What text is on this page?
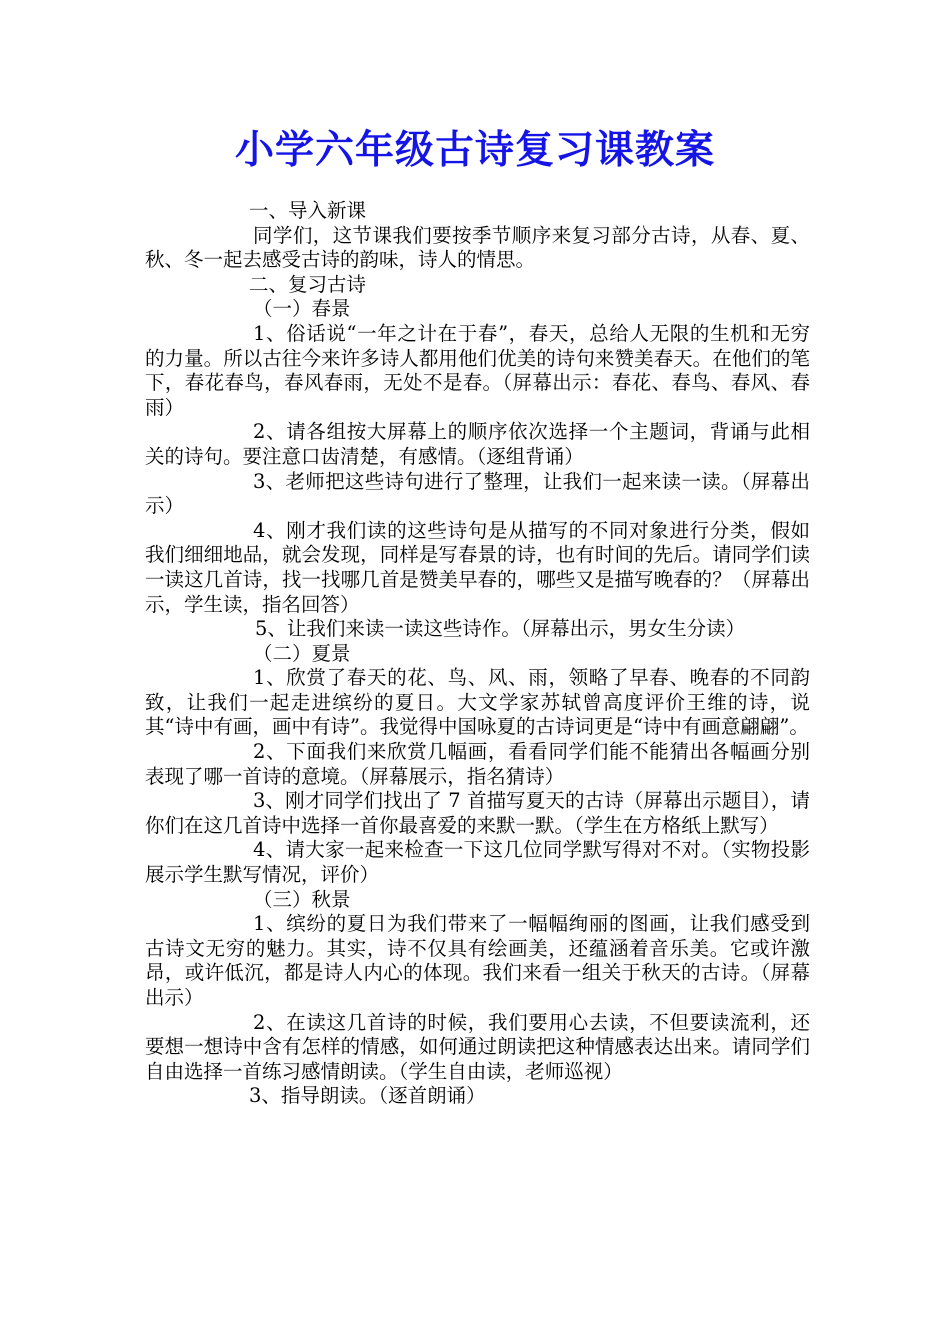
小学六年级古诗复习课教案

一、导入新课

同学们，这节课我们要按季节顺序来复习部分古诗，从春、夏、秋、冬一起去感受古诗的韵味，诗人的情思。

二、复习古诗

（一）春景

1、俗话说“一年之计在于春”，春天，总给人无限的生机和无穷的力量。所以古往今来许多诗人都用他们优美的诗句来赞美春天。在他们的笔下，春花春鸟，春风春雨，无处不是春。（屏幕出示：春花、春鸟、春风、春雨）

2、请各组按大屏幕上的顺序依次选择一个主题词，背诵与此相关的诗句。要注意口齿清楚，有感情。（逐组背诵）

3、老师把这些诗句进行了整理，让我们一起来读一读。（屏幕出示）

4、刚才我们读的这些诗句是从描写的不同对象进行分类，假如我们细细地品，就会发现，同样是写春景的诗，也有时间的先后。请同学们读一读这几首诗，找一找哪几首是赞美早春的，哪些又是描写晚春的？（屏幕出示，学生读，指名回答）

5、让我们来读一读这些诗作。（屏幕出示，男女生分读）

（二）夏景

1、欣赏了春天的花、鸟、风、雨，领略了早春、晚春的不同韵致，让我们一起走进缤纷的夏日。大文学家苏轼曾高度评价王维的诗，说其“诗中有画，画中有诗”。我觉得中国咏夏的古诗词更是“诗中有画意翩翩”。

2、下面我们来欣赏几幅画，看看同学们能不能猜出各幅画分别表现了哪一首诗的意境。（屏幕展示，指名猜诗）

3、刚才同学们找出了 7 首描写夏天的古诗（屏幕出示题目），请你们在这几首诗中选择一首你最喜爱的来默一默。（学生在方格纸上默写）

4、请大家一起来检查一下这几位同学默写得对不对。（实物投影展示学生默写情况，评价）

（三）秋景

1、缤纷的夏日为我们带来了一幅幅绚丽的图画，让我们感受到古诗文无穷的魅力。其实，诗不仅具有绘画美，还蕴涵着音乐美。它或许激昂，或许低沉，都是诗人内心的体现。我们来看一组关于秋天的古诗。（屏幕出示）

2、在读这几首诗的时候，我们要用心去读，不但要读流利，还要想一想诗中含有怎样的情感，如何通过朗读把这种情感表达出来。请同学们自由选择一首练习感情朗读。（学生自由读，老师巡视）

3、指导朗读。（逐首朗诵）
